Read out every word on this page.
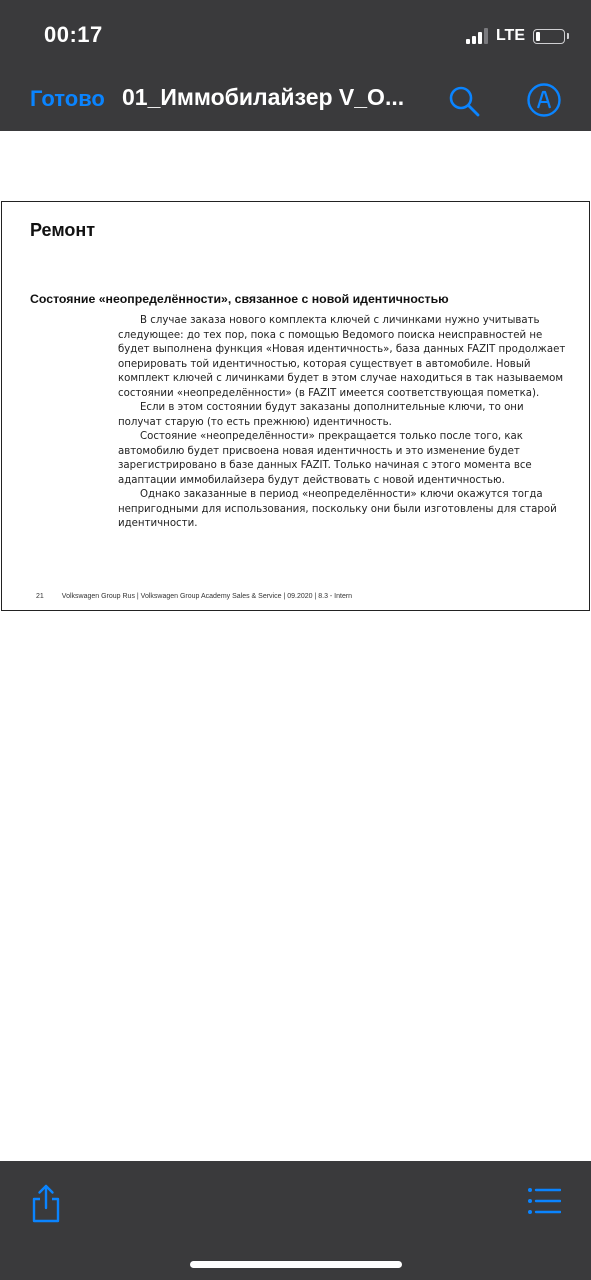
00:17	LTE
Готово 01_Иммобилайзер V_O...
Ремонт
Состояние «неопределённости», связанное с новой идентичностью

В случае заказа нового комплекта ключей с личинками нужно учитывать следующее: до тех пор, пока с помощью Ведомого поиска неисправностей не будет выполнена функция «Новая идентичность», база данных FAZIT продолжает оперировать той идентичностью, которая существует в автомобиле. Новый комплект ключей с личинками будет в этом случае находиться в так называемом состоянии «неопределённости» (в FAZIT имеется соответствующая пометка).

Если в этом состоянии будут заказаны дополнительные ключи, то они получат старую (то есть прежнюю) идентичность.

Состояние «неопределённости» прекращается только после того, как автомобилю будет присвоена новая идентичность и это изменение будет зарегистрировано в базе данных FAZIT. Только начиная с этого момента все адаптации иммобилайзера будут действовать с новой идентичностью.

Однако заказанные в период «неопределённости» ключи окажутся тогда непригодными для использования, поскольку они были изготовлены для старой идентичности.

21	Volkswagen Group Rus | Volkswagen Group Academy Sales & Service | 09.2020 | 8.3 - Intern
